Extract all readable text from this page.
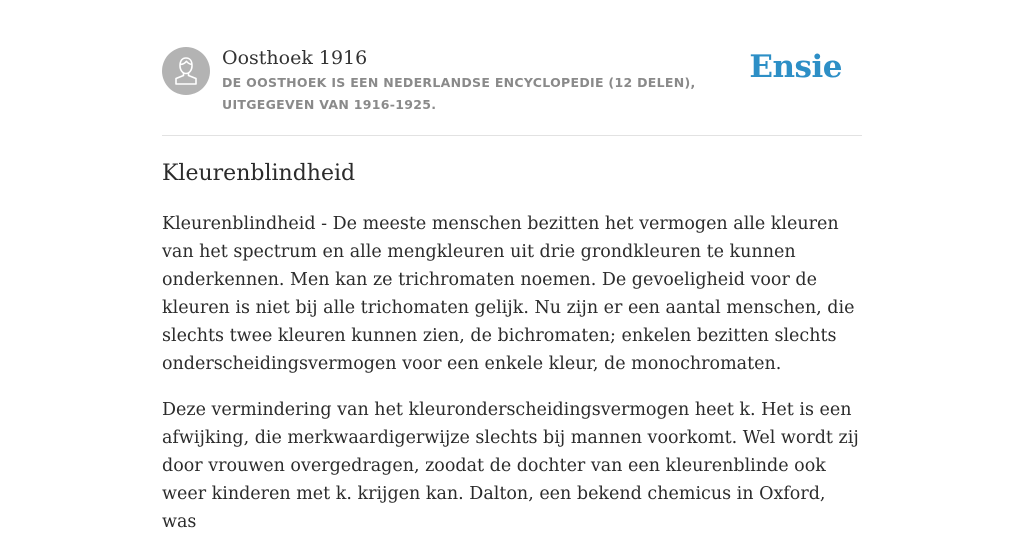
Oosthoek 1916

DE OOSTHOEK IS EEN NEDERLANDSE ENCYCLOPEDIE (12 DELEN), UITGEGEVEN VAN 1916-1925.

Ensie
Kleurenblindheid

Kleurenblindheid - De meeste menschen bezitten het vermogen alle kleuren van het spectrum en alle mengkleuren uit drie grondkleuren te kunnen onderkennen. Men kan ze trichromaten noemen. De gevoeligheid voor de kleuren is niet bij alle trichomaten gelijk. Nu zijn er een aantal menschen, die slechts twee kleuren kunnen zien, de bichromaten; enkelen bezitten slechts onderscheidingsvermogen voor een enkele kleur, de monochromaten.

Deze vermindering van het kleuronderscheidingsvermogen heet k. Het is een afwijking, die merkwaardigerwijze slechts bij mannen voorkomt. Wel wordt zij door vrouwen overgedragen, zoodat de dochter van een kleurenblinde ook weer kinderen met k. krijgen kan. Dalton, een bekend chemicus in Oxford, was
